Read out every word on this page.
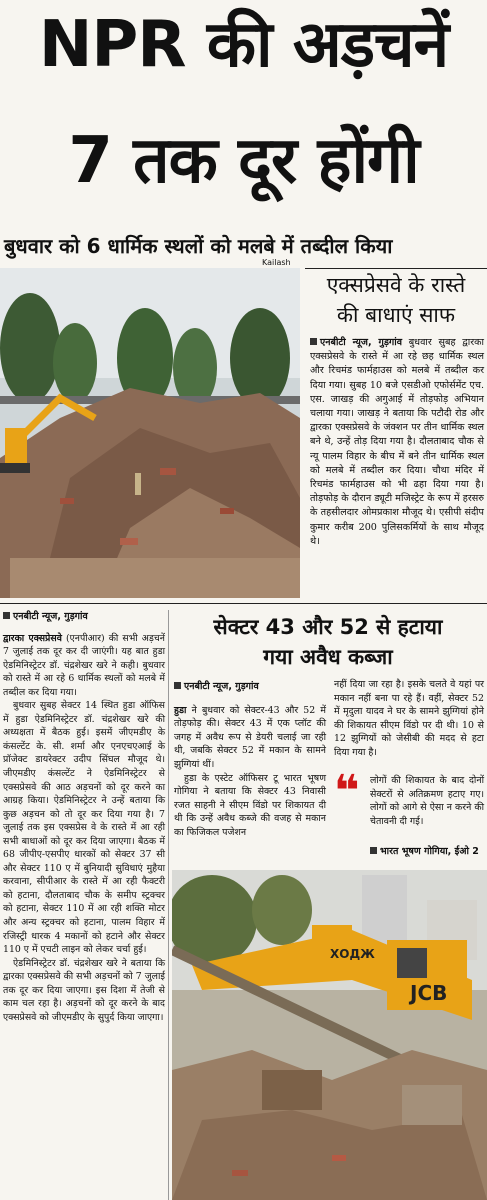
NPR की अड़चनें
7 तक दूर होंगी
बुधवार को 6 धार्मिक स्थलों को मलबे में तब्दील किया
Kailash
एक्सप्रेसवे के रास्ते
की बाधाएं साफ
एनबीटी न्यूज, गुड़गांव बुधवार सुबह द्वारका एक्सप्रेसवे के रास्ते में आ रहे छह धार्मिक स्थल और रिचमंड फार्महाउस को मलबे में तब्दील कर दिया गया। सुबह 10 बजे एसडीओ एफोर्समेंट एच. एस. जाखड़ की अगुआई में तोड़फोड़ अभियान चलाया गया। जाखड़ ने बताया कि पटौदी रोड और द्वारका एक्सप्रेसवे के जंक्शन पर तीन धार्मिक स्थल बने थे, उन्हें तोड़ दिया गया है। दौलताबाद चौक से न्यू पालम विहार के बीच में बने तीन धार्मिक स्थल को मलबे में तब्दील कर दिया। चौथा मंदिर में रिचमंड फार्महाउस को भी ढहा दिया गया है। तोड़फोड़ के दौरान ड्यूटी मजिस्ट्रेट के रूप में हरसरु के तहसीलदार ओमप्रकाश मौजूद थे। एसीपी संदीप कुमार करीब 200 पुलिसकर्मियों के साथ मौजूद थे।
एनबीटी न्यूज, गुड़गांव

द्वारका एक्सप्रेसवे (एनपीआर) की सभी अड़चनें 7 जुलाई तक दूर कर दी जाएंगी। यह बात हुडा ऐडमिनिस्ट्रेटर डॉ. चंद्रशेखर खरे ने कही। बुधवार को रास्ते में आ रहे 6 धार्मिक स्थलों को मलबे में तब्दील कर दिया गया।

बुधवार सुबह सेक्टर 14 स्थित हुडा ऑफिस में हुडा ऐडमिनिस्ट्रेटर डॉ. चंद्रशेखर खरे की अध्यक्षता में बैठक हुई। इसमें जीएमडीए के कंसल्टेंट के. सी. शर्मा और एनएचएआई के प्रॉजेक्ट डायरेक्टर उदीप सिंघल मौजूद थे। जीएमडीए कंसल्टेंट ने ऐडमिनिस्ट्रेटर से एक्सप्रेसवे की आठ अड़चनों को दूर करने का आग्रह किया। ऐडमिनिस्ट्रेटर ने उन्हें बताया कि कुछ अड़चन को तो दूर कर दिया गया है। 7 जुलाई तक इस एक्सप्रेस वे के रास्ते में आ रही सभी बाधाओं को दूर कर दिया जाएगा। बैठक में 68 जीपीए-एसपीए धारकों को सेक्टर 37 सी और सेक्टर 110 ए में बुनियादी सुविधाएं मुहैया करवाना, सीपीआर के रास्ते में आ रही फैक्टरी को हटाना, दौलताबाद चौक के समीप स्ट्रक्चर को हटाना, सेक्टर 110 में आ रही शक्ति मोटर और अन्य स्ट्रक्चर को हटाना, पालम विहार में रजिस्ट्री धारक 4 मकानों को हटाने और सेक्टर 110 ए में एचटी लाइन को लेकर चर्चा हुई।

ऐडमिनिस्ट्रेटर डॉ. चंद्रशेखर खरे ने बताया कि द्वारका एक्सप्रेसवे की सभी अड़चनों को 7 जुलाई तक दूर कर दिया जाएगा। इस दिशा में तेजी से काम चल रहा है। अड़चनों को दूर करने के बाद एक्सप्रेसवे को जीएमडीए के सुपुर्द किया जाएगा।

सेक्टर 43 और 52 से हटाया
गया अवैध कब्जा
एनबीटी न्यूज, गुड़गांव

हुडा ने बुधवार को सेक्टर-43 और 52 में तोड़फोड़ की। सेक्टर 43 में एक प्लॉट की जगह में अवैध रूप से डेयरी चलाई जा रही थी, जबकि सेक्टर 52 में मकान के सामने झुग्गियां थीं।

हुडा के एस्टेट ऑफिसर टू भारत भूषण गोगिया ने बताया कि सेक्टर 43 निवासी रजत साहनी ने सीएम विंडो पर शिकायत दी थी कि उन्हें अवैध कब्जे की वजह से मकान का फिजिकल पजेशन

नहीं दिया जा रहा है। इसके चलते वे यहां पर मकान नहीं बना पा रहे हैं। वहीं, सेक्टर 52 में मृदुला यादव ने घर के सामने झुग्गियां होने की शिकायत सीएम विंडो पर दी थी। 10 से 12 झुग्गियों को जेसीबी की मदद से हटा दिया गया है।

❝ लोगों की शिकायत के बाद दोनों सेक्टरों से अतिक्रमण हटाए गए। लोगों को आगे से ऐसा न करने की चेतावनी दी गई।
भारत भूषण गोगिया, ईओ 2
ХОДЖ
JCB
